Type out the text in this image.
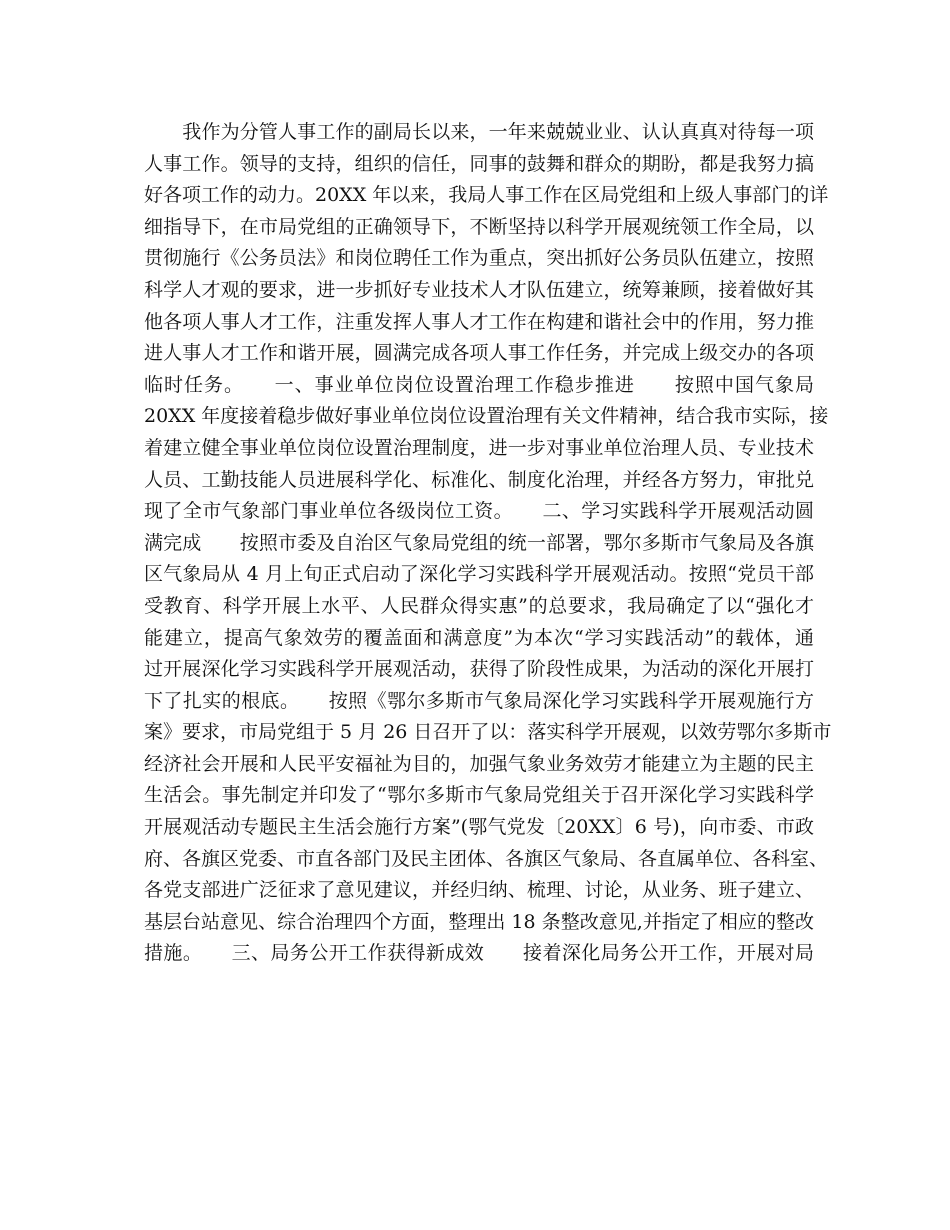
　　我作为分管人事工作的副局长以来，一年来兢兢业业、认认真真对待每一项
人事工作。领导的支持，组织的信任，同事的鼓舞和群众的期盼，都是我努力搞
好各项工作的动力。20XX 年以来，我局人事工作在区局党组和上级人事部门的详
细指导下，在市局党组的正确领导下，不断坚持以科学开展观统领工作全局，以
贯彻施行《公务员法》和岗位聘任工作为重点，突出抓好公务员队伍建立，按照
科学人才观的要求，进一步抓好专业技术人才队伍建立，统筹兼顾，接着做好其
他各项人事人才工作，注重发挥人事人才工作在构建和谐社会中的作用，努力推
进人事人才工作和谐开展，圆满完成各项人事工作任务，并完成上级交办的各项
临时任务。　　一、事业单位岗位设置治理工作稳步推进　　按照中国气象局
20XX 年度接着稳步做好事业单位岗位设置治理有关文件精神，结合我市实际，接
着建立健全事业单位岗位设置治理制度，进一步对事业单位治理人员、专业技术
人员、工勤技能人员进展科学化、标准化、制度化治理，并经各方努力，审批兑
现了全市气象部门事业单位各级岗位工资。　　二、学习实践科学开展观活动圆
满完成　　按照市委及自治区气象局党组的统一部署，鄂尔多斯市气象局及各旗
区气象局从 4 月上旬正式启动了深化学习实践科学开展观活动。按照“党员干部
受教育、科学开展上水平、人民群众得实惠”的总要求，我局确定了以“强化才
能建立，提高气象效劳的覆盖面和满意度”为本次“学习实践活动”的载体，通
过开展深化学习实践科学开展观活动，获得了阶段性成果，为活动的深化开展打
下了扎实的根底。　　按照《鄂尔多斯市气象局深化学习实践科学开展观施行方
案》要求，市局党组于 5 月 26 日召开了以：落实科学开展观，以效劳鄂尔多斯市
经济社会开展和人民平安福祉为目的，加强气象业务效劳才能建立为主题的民主
生活会。事先制定并印发了“鄂尔多斯市气象局党组关于召开深化学习实践科学
开展观活动专题民主生活会施行方案”(鄂气党发〔20XX〕6 号)，向市委、市政
府、各旗区党委、市直各部门及民主团体、各旗区气象局、各直属单位、各科室、
各党支部进广泛征求了意见建议，并经归纳、梳理、讨论，从业务、班子建立、
基层台站意见、综合治理四个方面，整理出 18 条整改意见,并指定了相应的整改
措施。　　三、局务公开工作获得新成效　　接着深化局务公开工作，开展对局
